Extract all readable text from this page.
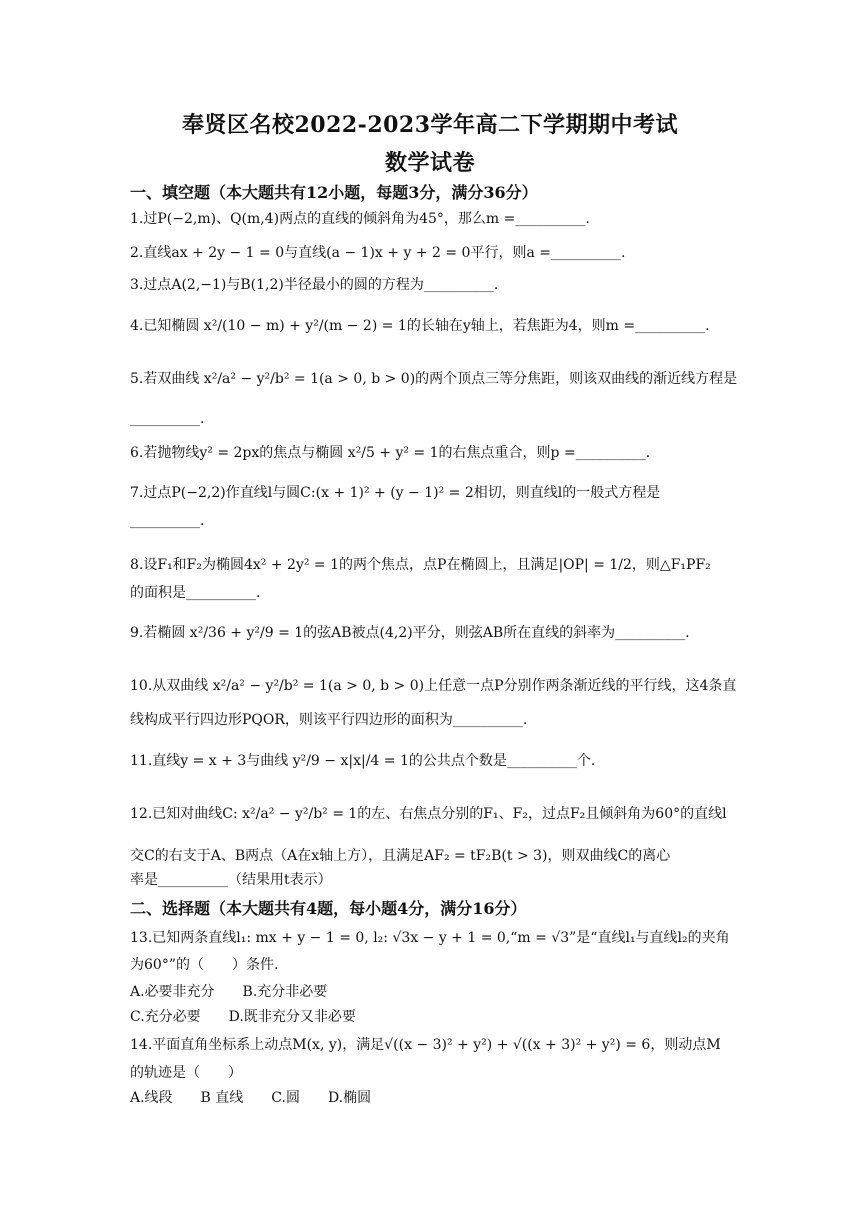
奉贤区名校2022-2023学年高二下学期期中考试
数学试卷
一、填空题（本大题共有12小题，每题3分，满分36分）
1.过P(−2,m)、Q(m,4)两点的直线的倾斜角为45°，那么m =__________.
2.直线ax + 2y − 1 = 0与直线(a − 1)x + y + 2 = 0平行，则a =__________.
3.过点A(2,−1)与B(1,2)半径最小的圆的方程为__________.
4.已知椭圆 x²/(10 − m) + y²/(m − 2) = 1的长轴在y轴上，若焦距为4，则m =__________.
5.若双曲线 x²/a² − y²/b² = 1(a > 0, b > 0)的两个顶点三等分焦距，则该双曲线的渐近线方程是
__________.
6.若抛物线y² = 2px的焦点与椭圆 x²/5 + y² = 1的右焦点重合，则p =__________.
7.过点P(−2,2)作直线l与圆C:(x + 1)² + (y − 1)² = 2相切，则直线l的一般式方程是
__________.
8.设F₁和F₂为椭圆4x² + 2y² = 1的两个焦点，点P在椭圆上，且满足|OP| = 1/2，则△F₁PF₂
的面积是__________.
9.若椭圆 x²/36 + y²/9 = 1的弦AB被点(4,2)平分，则弦AB所在直线的斜率为__________.
10.从双曲线 x²/a² − y²/b² = 1(a > 0, b > 0)上任意一点P分别作两条渐近线的平行线，这4条直
线构成平行四边形PQOR，则该平行四边形的面积为__________.
11.直线y = x + 3与曲线 y²/9 − x|x|/4 = 1的公共点个数是__________个.
12.已知对曲线C: x²/a² − y²/b² = 1的左、右焦点分别的F₁、F₂，过点F₂且倾斜角为60°的直线l
交C的右支于A、B两点（A在x轴上方），且满足AF₂ = tF₂B(t > 3)，则双曲线C的离心
率是__________（结果用t表示）
二、选择题（本大题共有4题，每小题4分，满分16分）
13.已知两条直线l₁: mx + y − 1 = 0, l₂: √3x − y + 1 = 0,“m = √3”是“直线l₁与直线l₂的夹角
为60°”的（　　）条件.
A.必要非充分　　B.充分非必要
C.充分必要　　D.既非充分又非必要
14.平面直角坐标系上动点M(x, y)，满足√((x − 3)² + y²) + √((x + 3)² + y²) = 6，则动点M
的轨迹是（　　）
A.线段　　B 直线　　C.圆　　D.椭圆
